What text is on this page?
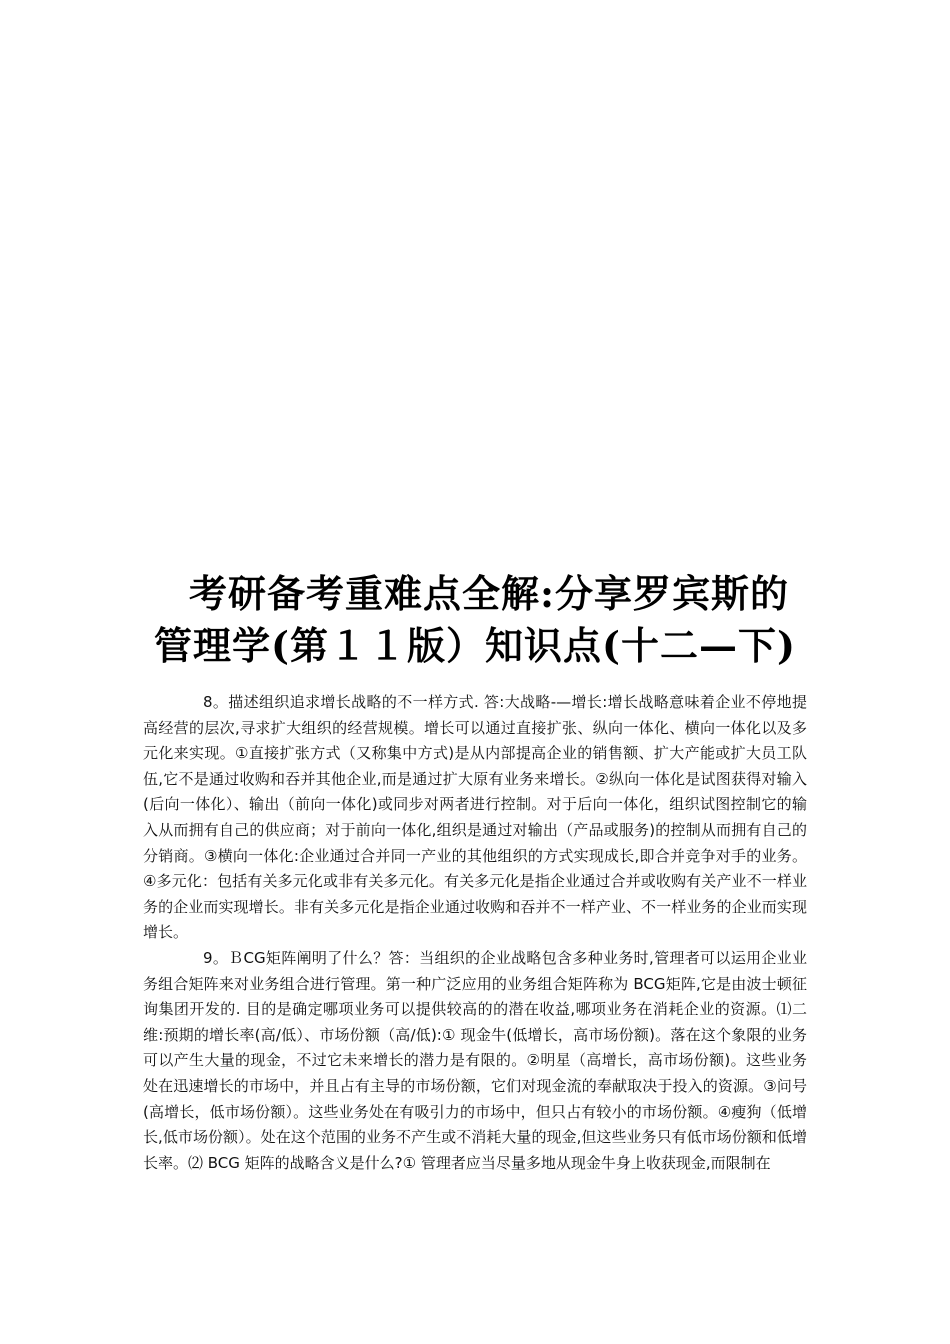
考研备考重难点全解:分享罗宾斯的
管理学(第１１版）知识点(十二—下)

8。描述组织追求增长战略的不一样方式. 答:大战略-—增长:增长战略意味着企业不停地提高经营的层次,寻求扩大组织的经营规模。增长可以通过直接扩张、纵向一体化、横向一体化以及多元化来实现。①直接扩张方式（又称集中方式)是从内部提高企业的销售额、扩大产能或扩大员工队伍,它不是通过收购和吞并其他企业,而是通过扩大原有业务来增长。②纵向一体化是试图获得对输入(后向一体化）、输出（前向一体化)或同步对两者进行控制。对于后向一体化，组织试图控制它的输入从而拥有自己的供应商；对于前向一体化,组织是通过对输出（产品或服务)的控制从而拥有自己的分销商。③横向一体化:企业通过合并同一产业的其他组织的方式实现成长,即合并竞争对手的业务。④多元化：包括有关多元化或非有关多元化。有关多元化是指企业通过合并或收购有关产业不一样业务的企业而实现增长。非有关多元化是指企业通过收购和吞并不一样产业、不一样业务的企业而实现增长。

9。ＢCG矩阵阐明了什么？答：当组织的企业战略包含多种业务时,管理者可以运用企业业务组合矩阵来对业务组合进行管理。第一种广泛应用的业务组合矩阵称为 BCG矩阵,它是由波士顿征询集团开发的. 目的是确定哪项业务可以提供较高的的潜在收益,哪项业务在消耗企业的资源。⑴二维:预期的增长率(高/低）、市场份额（高/低):① 现金牛(低增长，高市场份额)。落在这个象限的业务可以产生大量的现金，不过它未来增长的潜力是有限的。②明星（高增长，高市场份额)。这些业务处在迅速增长的市场中，并且占有主导的市场份额，它们对现金流的奉献取决于投入的资源。③问号(高增长，低市场份额）。这些业务处在有吸引力的市场中，但只占有较小的市场份额。④瘦狗（低增长,低市场份额）。处在这个范围的业务不产生或不消耗大量的现金,但这些业务只有低市场份额和低增长率。⑵ BCG 矩阵的战略含义是什么?① 管理者应当尽量多地从现金牛身上收获现金,而限制在
